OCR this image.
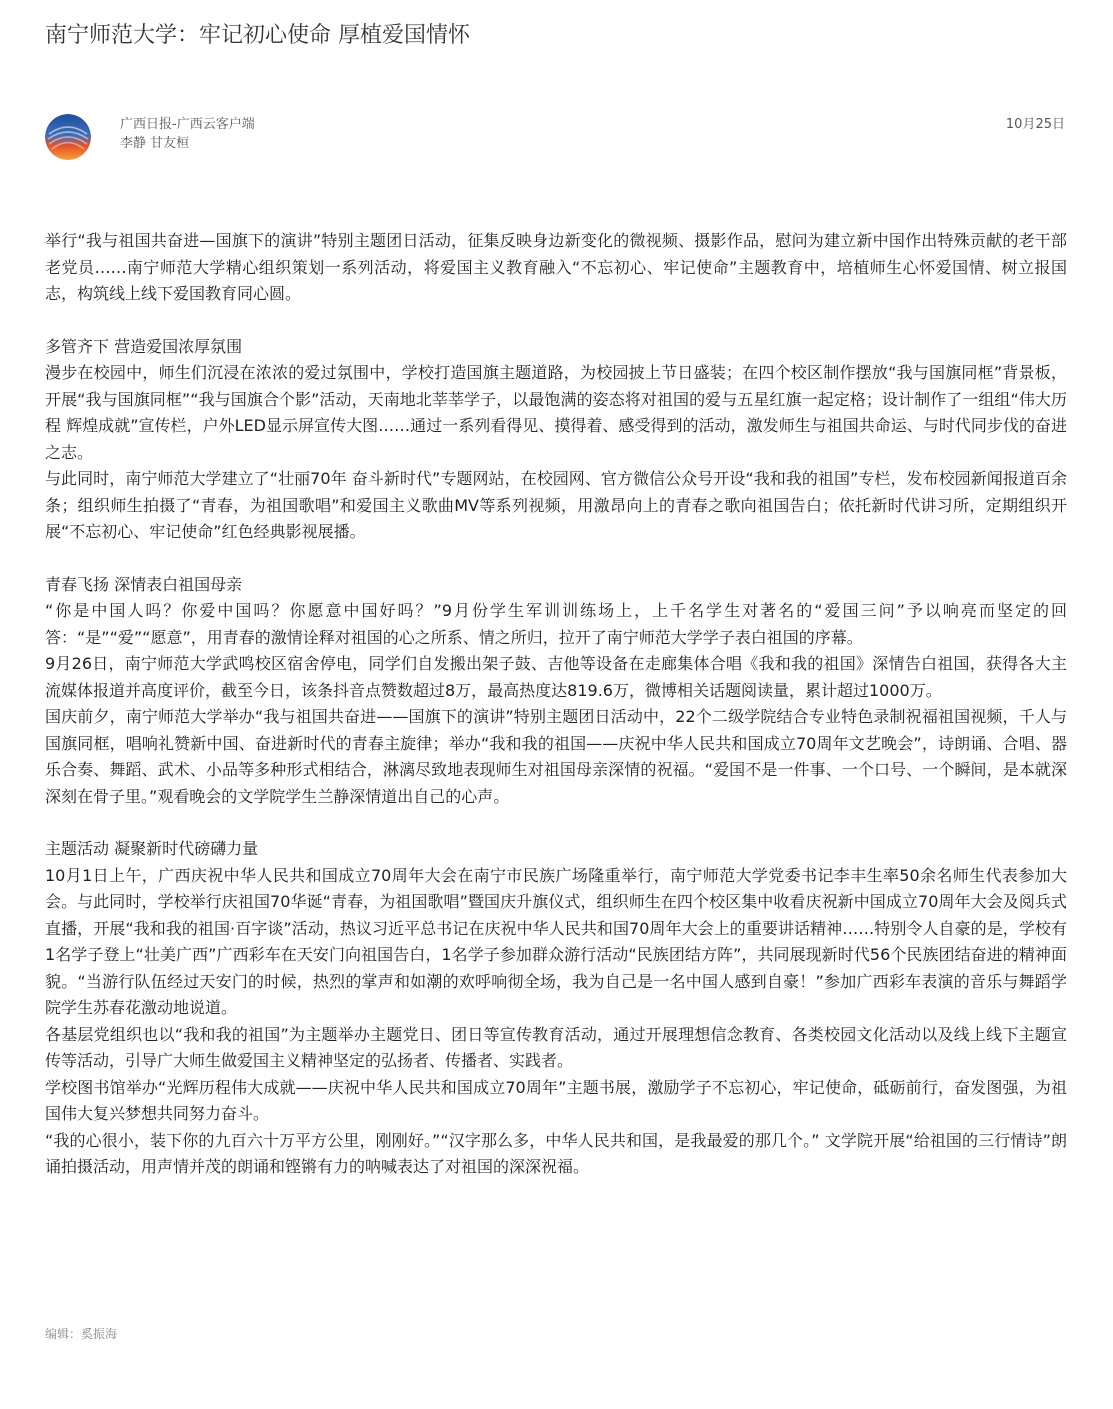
南宁师范大学：牢记初心使命 厚植爱国情怀
广西日报-广西云客户端
李静 甘友桓
10月25日

举行“我与祖国共奋进—国旗下的演讲”特别主题团日活动，征集反映身边新变化的微视频、摄影作品，慰问为建立新中国作出特殊贡献的老干部老党员……南宁师范大学精心组织策划一系列活动，将爱国主义教育融入“不忘初心、牢记使命”主题教育中，培植师生心怀爱国情、树立报国志，构筑线上线下爱国教育同心圆。

多管齐下 营造爱国浓厚氛围

漫步在校园中，师生们沉浸在浓浓的爱过氛围中，学校打造国旗主题道路，为校园披上节日盛装；在四个校区制作摆放“我与国旗同框”背景板，开展“我与国旗同框”“我与国旗合个影”活动，天南地北莘莘学子，以最饱满的姿态将对祖国的爱与五星红旗一起定格；设计制作了一组组“伟大历程 辉煌成就”宣传栏，户外LED显示屏宣传大图……通过一系列看得见、摸得着、感受得到的活动，激发师生与祖国共命运、与时代同步伐的奋进之志。

与此同时，南宁师范大学建立了“壮丽70年 奋斗新时代”专题网站，在校园网、官方微信公众号开设“我和我的祖国”专栏，发布校园新闻报道百余条；组织师生拍摄了“青春，为祖国歌唱”和爱国主义歌曲MV等系列视频，用激昂向上的青春之歌向祖国告白；依托新时代讲习所，定期组织开展“不忘初心、牢记使命”红色经典影视展播。

青春飞扬 深情表白祖国母亲

“你是中国人吗？你爱中国吗？你愿意中国好吗？”9月份学生军训训练场上，上千名学生对著名的“爱国三问”予以响亮而坚定的回答：“是”“爱”“愿意”，用青春的激情诠释对祖国的心之所系、情之所归，拉开了南宁师范大学学子表白祖国的序幕。

9月26日，南宁师范大学武鸣校区宿舍停电，同学们自发搬出架子鼓、吉他等设备在走廊集体合唱《我和我的祖国》深情告白祖国，获得各大主流媒体报道并高度评价，截至今日，该条抖音点赞数超过8万，最高热度达819.6万，微博相关话题阅读量，累计超过1000万。

国庆前夕，南宁师范大学举办“我与祖国共奋进——国旗下的演讲”特别主题团日活动中，22个二级学院结合专业特色录制祝福祖国视频，千人与国旗同框，唱响礼赞新中国、奋进新时代的青春主旋律；举办“我和我的祖国——庆祝中华人民共和国成立70周年文艺晚会”，诗朗诵、合唱、器乐合奏、舞蹈、武术、小品等多种形式相结合，淋漓尽致地表现师生对祖国母亲深情的祝福。“爱国不是一件事、一个口号、一个瞬间，是本就深深刻在骨子里。”观看晚会的文学院学生兰静深情道出自己的心声。

主题活动 凝聚新时代磅礴力量

10月1日上午，广西庆祝中华人民共和国成立70周年大会在南宁市民族广场隆重举行，南宁师范大学党委书记李丰生率50余名师生代表参加大会。与此同时，学校举行庆祖国70华诞“青春，为祖国歌唱”暨国庆升旗仪式，组织师生在四个校区集中收看庆祝新中国成立70周年大会及阅兵式直播，开展“我和我的祖国·百字谈”活动，热议习近平总书记在庆祝中华人民共和国70周年大会上的重要讲话精神……特别令人自豪的是，学校有1名学子登上“壮美广西”广西彩车在天安门向祖国告白，1名学子参加群众游行活动“民族团结方阵”，共同展现新时代56个民族团结奋进的精神面貌。“当游行队伍经过天安门的时候，热烈的掌声和如潮的欢呼响彻全场，我为自己是一名中国人感到自豪！”参加广西彩车表演的音乐与舞蹈学院学生苏春花激动地说道。

各基层党组织也以“我和我的祖国”为主题举办主题党日、团日等宣传教育活动，通过开展理想信念教育、各类校园文化活动以及线上线下主题宣传等活动，引导广大师生做爱国主义精神坚定的弘扬者、传播者、实践者。

学校图书馆举办“光辉历程伟大成就——庆祝中华人民共和国成立70周年”主题书展，激励学子不忘初心，牢记使命，砥砺前行，奋发图强，为祖国伟大复兴梦想共同努力奋斗。

“我的心很小，装下你的九百六十万平方公里，刚刚好。”“汉字那么多，中华人民共和国，是我最爱的那几个。” 文学院开展“给祖国的三行情诗”朗诵拍摄活动，用声情并茂的朗诵和铿锵有力的呐喊表达了对祖国的深深祝福。

编辑：奚振海
